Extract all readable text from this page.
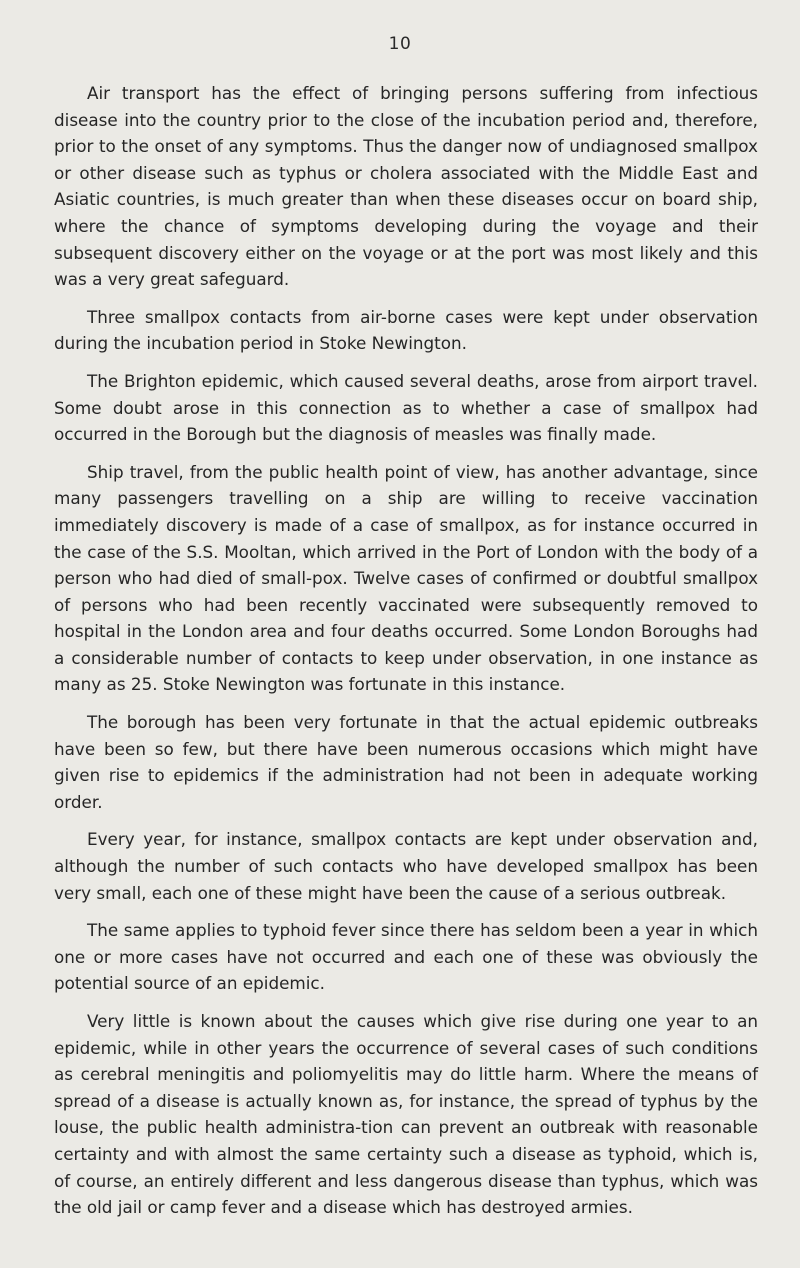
10

Air transport has the effect of bringing persons suffering from infectious disease into the country prior to the close of the incubation period and, therefore, prior to the onset of any symptoms. Thus the danger now of undiagnosed smallpox or other disease such as typhus or cholera associated with the Middle East and Asiatic countries, is much greater than when these diseases occur on board ship, where the chance of symptoms developing during the voyage and their subsequent discovery either on the voyage or at the port was most likely and this was a very great safeguard.

Three smallpox contacts from air-borne cases were kept under observation during the incubation period in Stoke Newington.

The Brighton epidemic, which caused several deaths, arose from airport travel. Some doubt arose in this connection as to whether a case of smallpox had occurred in the Borough but the diagnosis of measles was finally made.

Ship travel, from the public health point of view, has another advantage, since many passengers travelling on a ship are willing to receive vaccination immediately discovery is made of a case of smallpox, as for instance occurred in the case of the S.S. Mooltan, which arrived in the Port of London with the body of a person who had died of small-pox. Twelve cases of confirmed or doubtful smallpox of persons who had been recently vaccinated were subsequently removed to hospital in the London area and four deaths occurred. Some London Boroughs had a considerable number of contacts to keep under observation, in one instance as many as 25. Stoke Newington was fortunate in this instance.

The borough has been very fortunate in that the actual epidemic outbreaks have been so few, but there have been numerous occasions which might have given rise to epidemics if the administration had not been in adequate working order.

Every year, for instance, smallpox contacts are kept under observation and, although the number of such contacts who have developed smallpox has been very small, each one of these might have been the cause of a serious outbreak.

The same applies to typhoid fever since there has seldom been a year in which one or more cases have not occurred and each one of these was obviously the potential source of an epidemic.

Very little is known about the causes which give rise during one year to an epidemic, while in other years the occurrence of several cases of such conditions as cerebral meningitis and poliomyelitis may do little harm. Where the means of spread of a disease is actually known as, for instance, the spread of typhus by the louse, the public health administra-tion can prevent an outbreak with reasonable certainty and with almost the same certainty such a disease as typhoid, which is, of course, an entirely different and less dangerous disease than typhus, which was the old jail or camp fever and a disease which has destroyed armies.
